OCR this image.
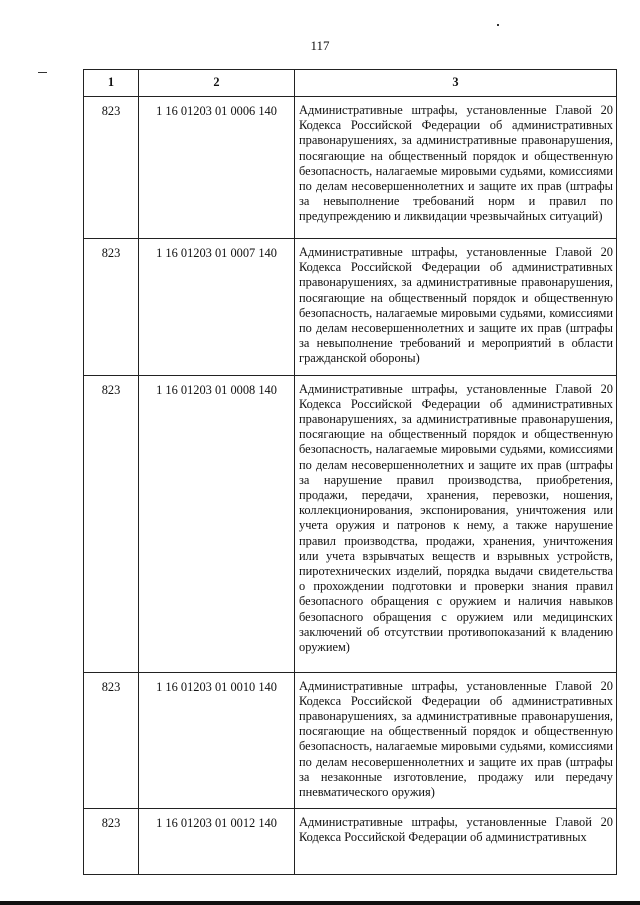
117
1	2	3
823	1 16 01203 01 0006 140	Административные штрафы, установленные Главой 20 Кодекса Российской Федерации об административных правонарушениях, за административные правонарушения, посягающие на общественный порядок и общественную безопасность, налагаемые мировыми судьями, комиссиями по делам несовершеннолетних и защите их прав (штрафы за невыполнение требований норм и правил по предупреждению и ликвидации чрезвычайных ситуаций)
823	1 16 01203 01 0007 140	Административные штрафы, установленные Главой 20 Кодекса Российской Федерации об административных правонарушениях, за административные правонарушения, посягающие на общественный порядок и общественную безопасность, налагаемые мировыми судьями, комиссиями по делам несовершеннолетних и защите их прав (штрафы за невыполнение требований и мероприятий в области гражданской обороны)
823	1 16 01203 01 0008 140	Административные штрафы, установленные Главой 20 Кодекса Российской Федерации об административных правонарушениях, за административные правонарушения, посягающие на общественный порядок и общественную безопасность, налагаемые мировыми судьями, комиссиями по делам несовершеннолетних и защите их прав (штрафы за нарушение правил производства, приобретения, продажи, передачи, хранения, перевозки, ношения, коллекционирования, экспонирования, уничтожения или учета оружия и патронов к нему, а также нарушение правил производства, продажи, хранения, уничтожения или учета взрывчатых веществ и взрывных устройств, пиротехнических изделий, порядка выдачи свидетельства о прохождении подготовки и проверки знания правил безопасного обращения с оружием и наличия навыков безопасного обращения с оружием или медицинских заключений об отсутствии противопоказаний к владению оружием)
823	1 16 01203 01 0010 140	Административные штрафы, установленные Главой 20 Кодекса Российской Федерации об административных правонарушениях, за административные правонарушения, посягающие на общественный порядок и общественную безопасность, налагаемые мировыми судьями, комиссиями по делам несовершеннолетних и защите их прав (штрафы за незаконные изготовление, продажу или передачу пневматического оружия)
823	1 16 01203 01 0012 140	Административные штрафы, установленные Главой 20 Кодекса Российской Федерации об административных
